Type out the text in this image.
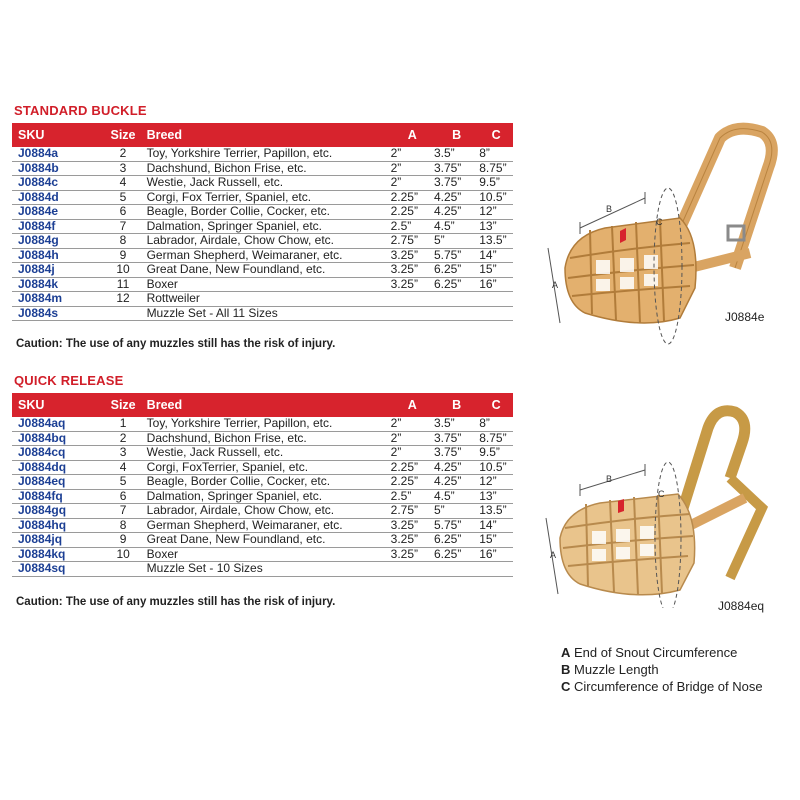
STANDARD BUCKLE
SKU	Size	Breed	A	B	C
J0884a	2	Toy, Yorkshire Terrier, Papillon, etc.	2”	3.5”	8”
J0884b	3	Dachshund, Bichon Frise, etc.	2”	3.75”	8.75”
J0884c	4	Westie, Jack Russell, etc.	2”	3.75”	9.5”
J0884d	5	Corgi, Fox Terrier, Spaniel, etc.	2.25”	4.25”	10.5”
J0884e	6	Beagle, Border Collie, Cocker, etc.	2.25”	4.25”	12”
J0884f	7	Dalmation, Springer Spaniel, etc.	2.5”	4.5”	13”
J0884g	8	Labrador, Airdale, Chow Chow, etc.	2.75”	5”	13.5”
J0884h	9	German Shepherd, Weimaraner, etc.	3.25”	5.75”	14”
J0884j	10	Great Dane, New Foundland, etc.	3.25”	6.25”	15”
J0884k	11	Boxer	3.25”	6.25”	16”
J0884m	12	Rottweiler			
J0884s		Muzzle Set - All 11 Sizes			
Caution: The use of any muzzles still has the risk of injury.
QUICK RELEASE
SKU	Size	Breed	A	B	C
J0884aq	1	Toy, Yorkshire Terrier, Papillon, etc.	2”	3.5”	8”
J0884bq	2	Dachshund, Bichon Frise, etc.	2”	3.75”	8.75”
J0884cq	3	Westie, Jack Russell, etc.	2”	3.75”	9.5”
J0884dq	4	Corgi, FoxTerrier, Spaniel, etc.	2.25”	4.25”	10.5”
J0884eq	5	Beagle, Border Collie, Cocker, etc.	2.25”	4.25”	12”
J0884fq	6	Dalmation, Springer Spaniel, etc.	2.5”	4.5”	13”
J0884gq	7	Labrador, Airdale, Chow Chow, etc.	2.75”	5”	13.5”
J0884hq	8	German Shepherd, Weimaraner, etc.	3.25”	5.75”	14”
J0884jq	9	Great Dane, New Foundland, etc.	3.25”	6.25”	15”
J0884kq	10	Boxer	3.25”	6.25”	16”
J0884sq		Muzzle Set - 10 Sizes			
Caution: The use of any muzzles still has the risk of injury.
B
A
C
J0884e
B
A
C
J0884eq
A End of Snout Circumference
B Muzzle Length
C Circumference of Bridge of Nose
